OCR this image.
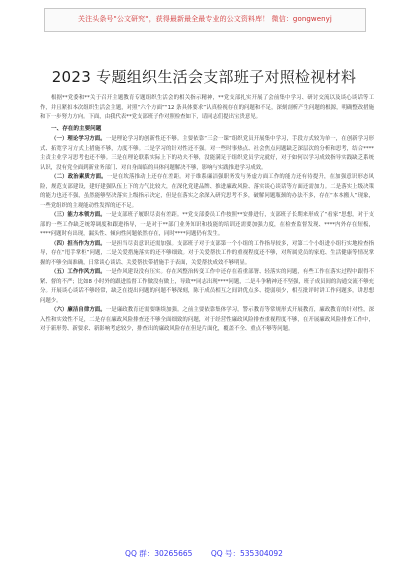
关注头条号"公文研究"，获得最新最全最专业的公文资料库！ 微信：gongwenyj
2023 专题组织生活会支部班子对照检视材料

根据**党委和**关于召开主题教育专题组织生活会的相关指示精神，**党支部扎实开展了会前集中学习、研讨交流以及谈心谈话等工作，并且紧扣本次组织生活会主题，对照“六个方面”“12 条具体要求”认真检视存在的问题和不足，深刻剖析产生问题的根源，明确整改措施和下一步努力方向。下面，由我代表**党支部班子作对照检查如下，请同志们提出宝贵意见。

一、存在的主要问题

（一）理论学习方面。一是理论学习的创新性还不够。主要依靠“三会一课”组织党员开展集中学习，手段方式较为单一，在创新学习形式、拓宽学习方式上措施不够，力度不够。二是学习的针对性还不强。对一些时事热点、社会焦点问题缺乏深层次的分析和思考，结合****主责主业学习思考也还不够。三是在理论联系实际上下的功夫不够，没能满足于组织党员学完就好，对于如何以学习成效指导实践缺乏系统认识，没有党全面到新业务部门、对自身面临的具体问题解决不够，影响与实践推进学习成效。

（二）政治素质方面。一是在坎落推动上还存在差距。对于维系廉洁强职务发与务虚方面工作的能力还有待提升，在加强意识形态风险，规范支部建设，建好建强队伍上下的力气比较大，在深化党建品牌、推进廉政风险、落实谈心谈话等方面还需加力。二是落实上级决策的能力也还不强，虽然能够坚决落实上级指示决定，但是在落实之余深入研究思考不多，破解问题瓶颈的办法不多，存在“本本搬人”现象，一些党组织的主观能动性发挥的还不足。

（三）能力本领方面。一是支部班子履职尽责有差距。**党支部委员工作按照**安排进行，支部班子长期来形成了“看家”思想，对于支部的一些工作缺乏统筹调度和跟进指导，一是对于**部门业务知识和技能的培训还需要加强力度，在检查监督发现、****内外存在短板，****问题时有出现，漏头性、倾向性问题依然存在，同时****问题仍有发生。

（四）担当作为方面。一是担当尽责意识还需加强。支部班子对于支部第一个小组的工作指导较多，对第二个小组进小组行实地检查指导，存在“甩手掌柜”问题，二是关爱措施落实的还不够细致。对于关爱帮扶工作的重视程度还不够，对所属党员的家庭、生活健康等情况掌握的不够全面准确，日常谈心谈话、关爱帮扶带措施手于表面，关爱帮扶成效不够明显。

（五）工作作风方面。一是作风建设没有压实。存在风整治转变工作中还存在着重部署、轻落实的问题，有些工作在落实过程中跟得不紧、督的不严；比如8 小时外的跟进监督工作做没有做上，导致**同志出现****问题，二是斗争精神还不坚强，班子成员间的沟通交流不够充分。开展谈心谈话不够经常，缺乏在提出问题的问题不够深刻，陈于成员相互之间讲优点多、提弱项少，相互批评时讲工作问题多，讲思想问题少。

（六）廉洁自律方面。一是廉政教育还需要继续加强。之前主要依靠集体学习，警示教育等常规形式开展教育，廉政教育的针对性，深入性和实效性不足，二是存在廉政风险排查还不够全面细致的问题，对于经营性廉政风险排查重视程度不够，在开展廉政风险排查工作中，对于新形势、新要求、新影响考虑较少，排查出的廉政风险存在但是片面化，覆盖不全、重点不够等问题。

QQ 群：30265665 QQ 号：535304092
